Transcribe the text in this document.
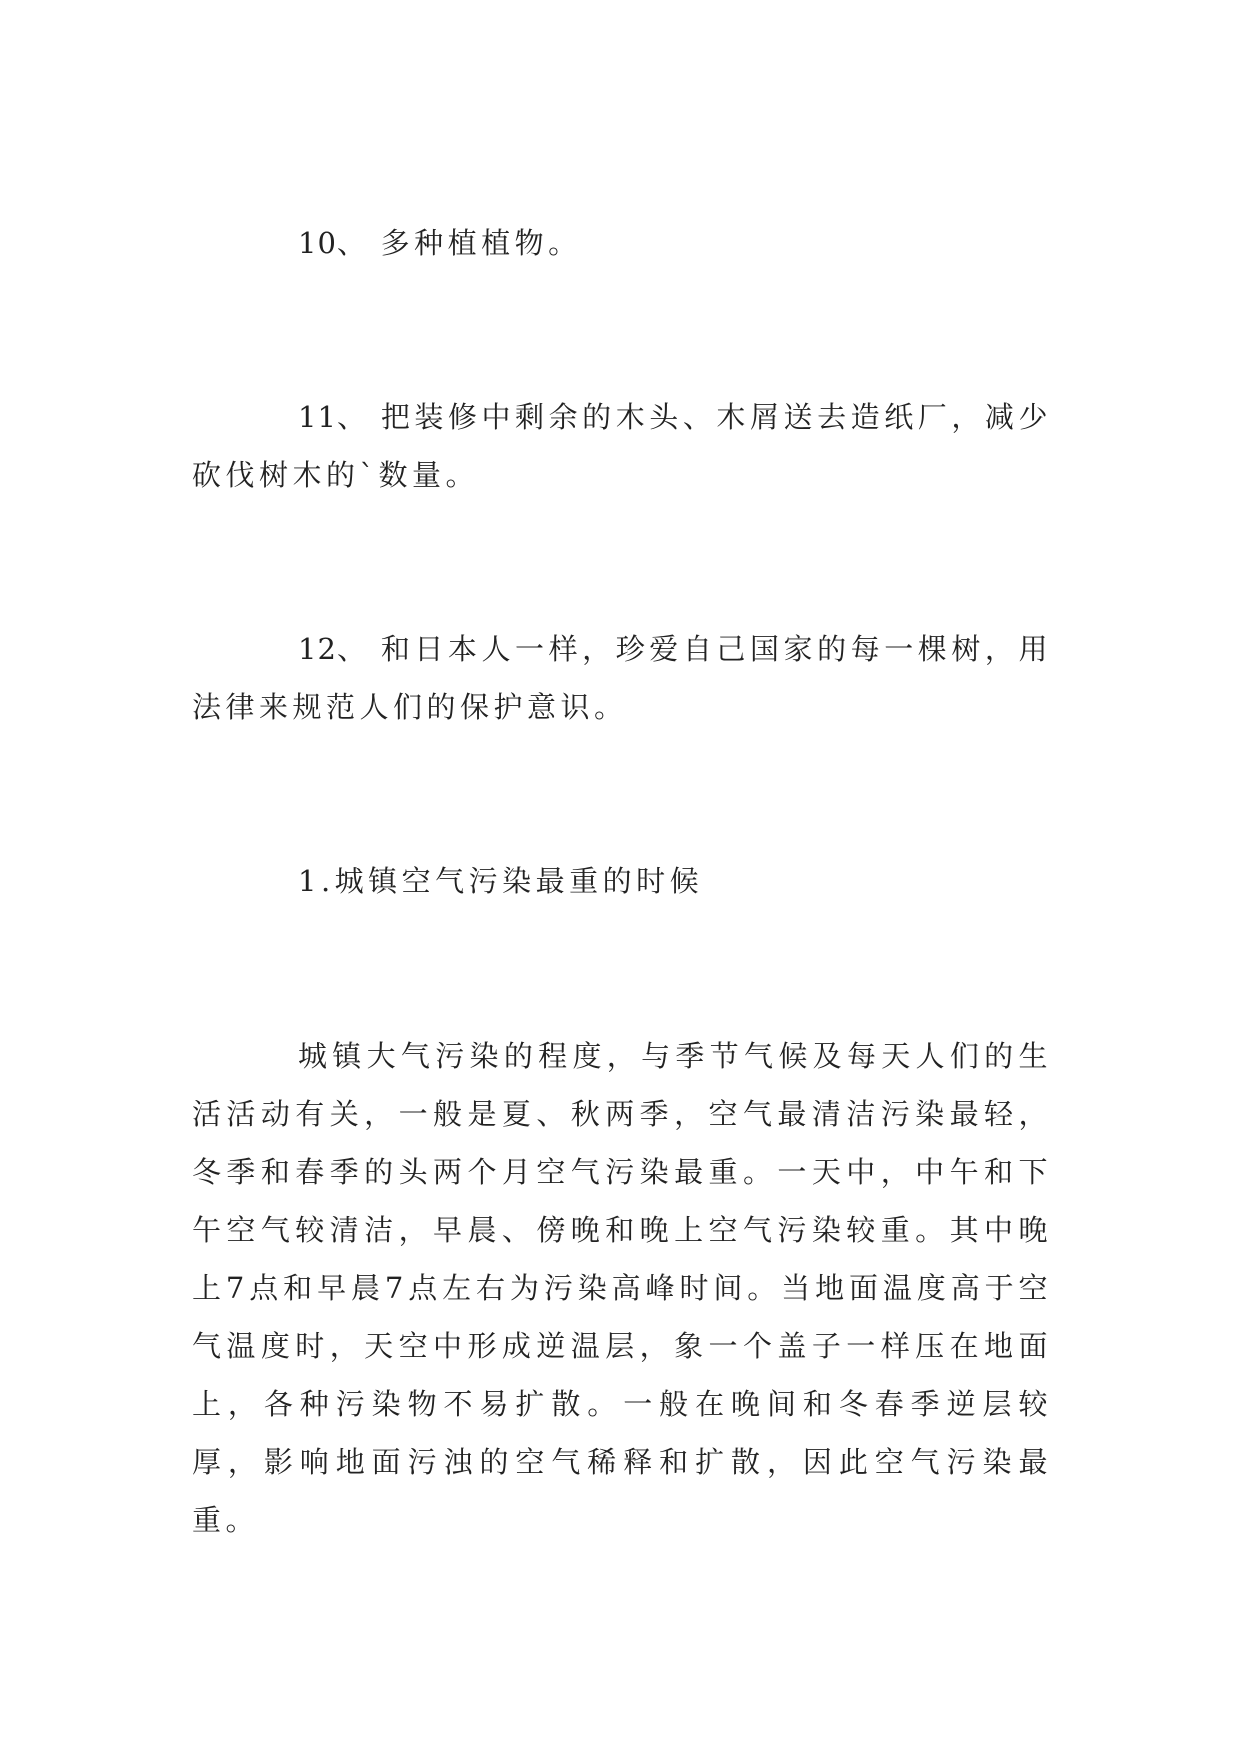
10、 多种植植物。

11、 把装修中剩余的木头、木屑送去造纸厂，减少砍伐树木的`数量。

12、 和日本人一样，珍爱自己国家的每一棵树，用法律来规范人们的保护意识。

1.城镇空气污染最重的时候

城镇大气污染的程度，与季节气候及每天人们的生活活动有关，一般是夏、秋两季，空气最清洁污染最轻，冬季和春季的头两个月空气污染最重。一天中，中午和下午空气较清洁，早晨、傍晚和晚上空气污染较重。其中晚上7点和早晨7点左右为污染高峰时间。当地面温度高于空气温度时，天空中形成逆温层，象一个盖子一样压在地面上，各种污染物不易扩散。一般在晚间和冬春季逆层较厚，影响地面污浊的空气稀释和扩散，因此空气污染最重。
